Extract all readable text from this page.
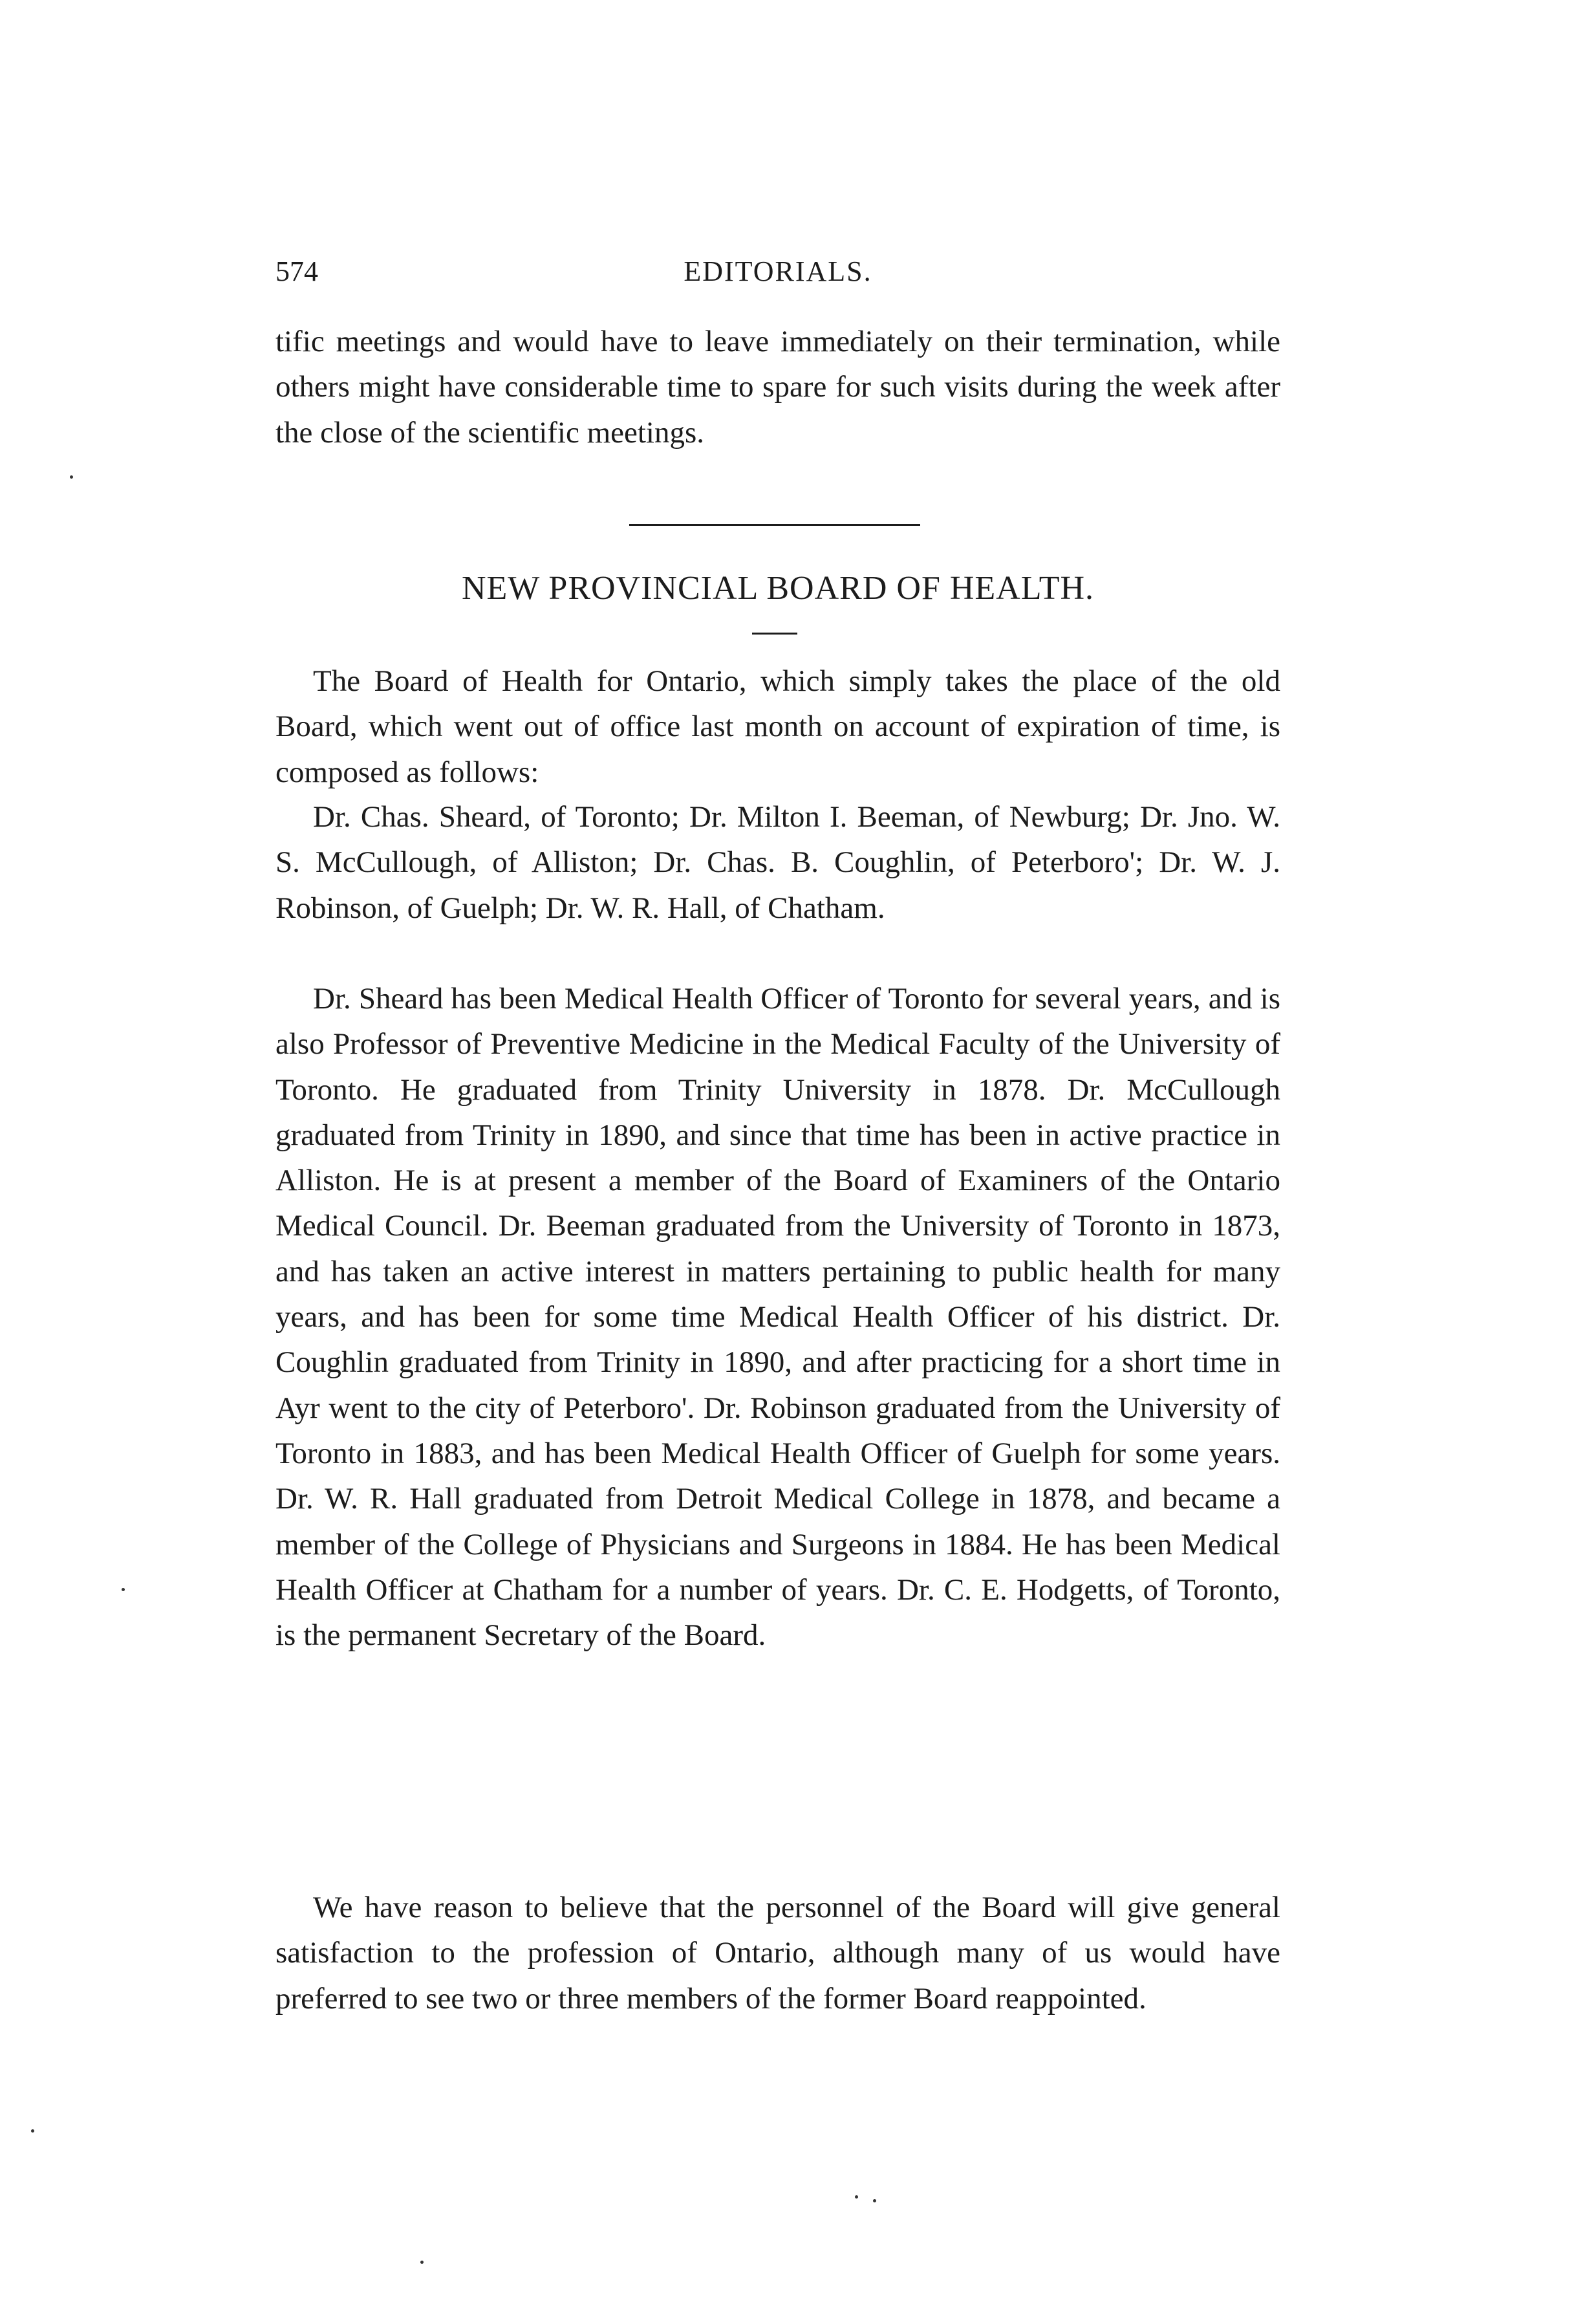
574	EDITORIALS.

tific meetings and would have to leave immediately on their termination, while others might have considerable time to spare for such visits during the week after the close of the scientific meetings.

NEW PROVINCIAL BOARD OF HEALTH.

The Board of Health for Ontario, which simply takes the place of the old Board, which went out of office last month on account of expiration of time, is composed as follows:

Dr. Chas. Sheard, of Toronto; Dr. Milton I. Beeman, of Newburg; Dr. Jno. W. S. McCullough, of Alliston; Dr. Chas. B. Coughlin, of Peterboro'; Dr. W. J. Robinson, of Guelph; Dr. W. R. Hall, of Chatham.

Dr. Sheard has been Medical Health Officer of Toronto for several years, and is also Professor of Preventive Medicine in the Medical Faculty of the University of Toronto. He graduated from Trinity University in 1878. Dr. McCullough graduated from Trinity in 1890, and since that time has been in active practice in Alliston. He is at present a member of the Board of Examiners of the Ontario Medical Council. Dr. Beeman graduated from the University of Toronto in 1873, and has taken an active interest in matters pertaining to public health for many years, and has been for some time Medical Health Officer of his district. Dr. Coughlin graduated from Trinity in 1890, and after practicing for a short time in Ayr went to the city of Peterboro'. Dr. Robinson graduated from the University of Toronto in 1883, and has been Medical Health Officer of Guelph for some years. Dr. W. R. Hall graduated from Detroit Medical College in 1878, and became a member of the College of Physicians and Surgeons in 1884. He has been Medical Health Officer at Chatham for a number of years. Dr. C. E. Hodgetts, of Toronto, is the permanent Secretary of the Board.

We have reason to believe that the personnel of the Board will give general satisfaction to the profession of Ontario, although many of us would have preferred to see two or three members of the former Board reappointed.
